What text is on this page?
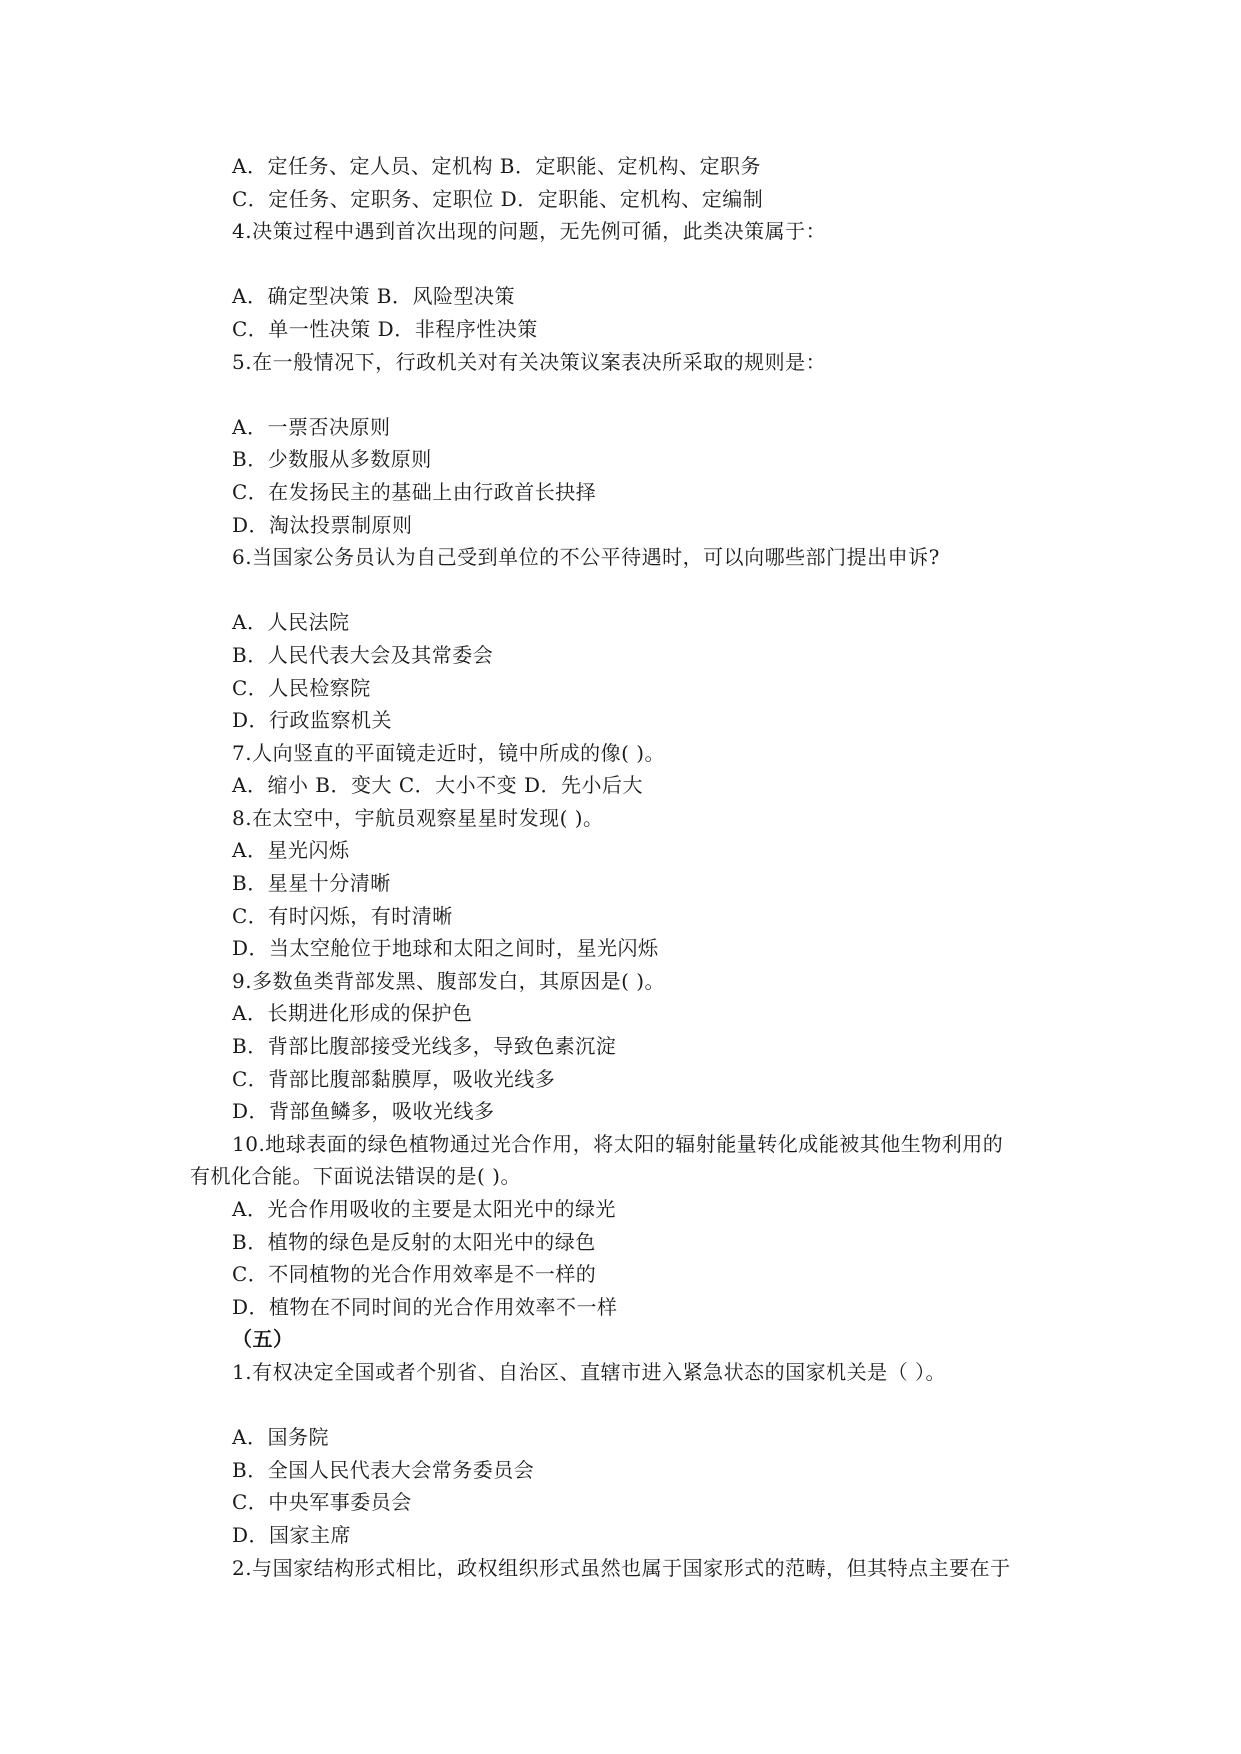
A．定任务、定人员、定机构 B．定职能、定机构、定职务
C．定任务、定职务、定职位 D．定职能、定机构、定编制
4.决策过程中遇到首次出现的问题，无先例可循，此类决策属于：
A．确定型决策 B．风险型决策
C．单一性决策 D．非程序性决策
5.在一般情况下，行政机关对有关决策议案表决所采取的规则是：
A．一票否决原则
B．少数服从多数原则
C．在发扬民主的基础上由行政首长抉择
D．淘汰投票制原则
6.当国家公务员认为自己受到单位的不公平待遇时，可以向哪些部门提出申诉?
A．人民法院
B．人民代表大会及其常委会
C．人民检察院
D．行政监察机关
7.人向竖直的平面镜走近时，镜中所成的像( )。
A．缩小 B．变大 C．大小不变 D．先小后大
8.在太空中，宇航员观察星星时发现( )。
A．星光闪烁
B．星星十分清晰
C．有时闪烁，有时清晰
D．当太空舱位于地球和太阳之间时，星光闪烁
9.多数鱼类背部发黑、腹部发白，其原因是( )。
A．长期进化形成的保护色
B．背部比腹部接受光线多，导致色素沉淀
C．背部比腹部黏膜厚，吸收光线多
D．背部鱼鳞多，吸收光线多
10.地球表面的绿色植物通过光合作用，将太阳的辐射能量转化成能被其他生物利用的
有机化合能。下面说法错误的是( )。
A．光合作用吸收的主要是太阳光中的绿光
B．植物的绿色是反射的太阳光中的绿色
C．不同植物的光合作用效率是不一样的
D．植物在不同时间的光合作用效率不一样
（五）
1.有权决定全国或者个别省、自治区、直辖市进入紧急状态的国家机关是（ ）。
A．国务院
B．全国人民代表大会常务委员会
C．中央军事委员会
D．国家主席
2.与国家结构形式相比，政权组织形式虽然也属于国家形式的范畴，但其特点主要在于
